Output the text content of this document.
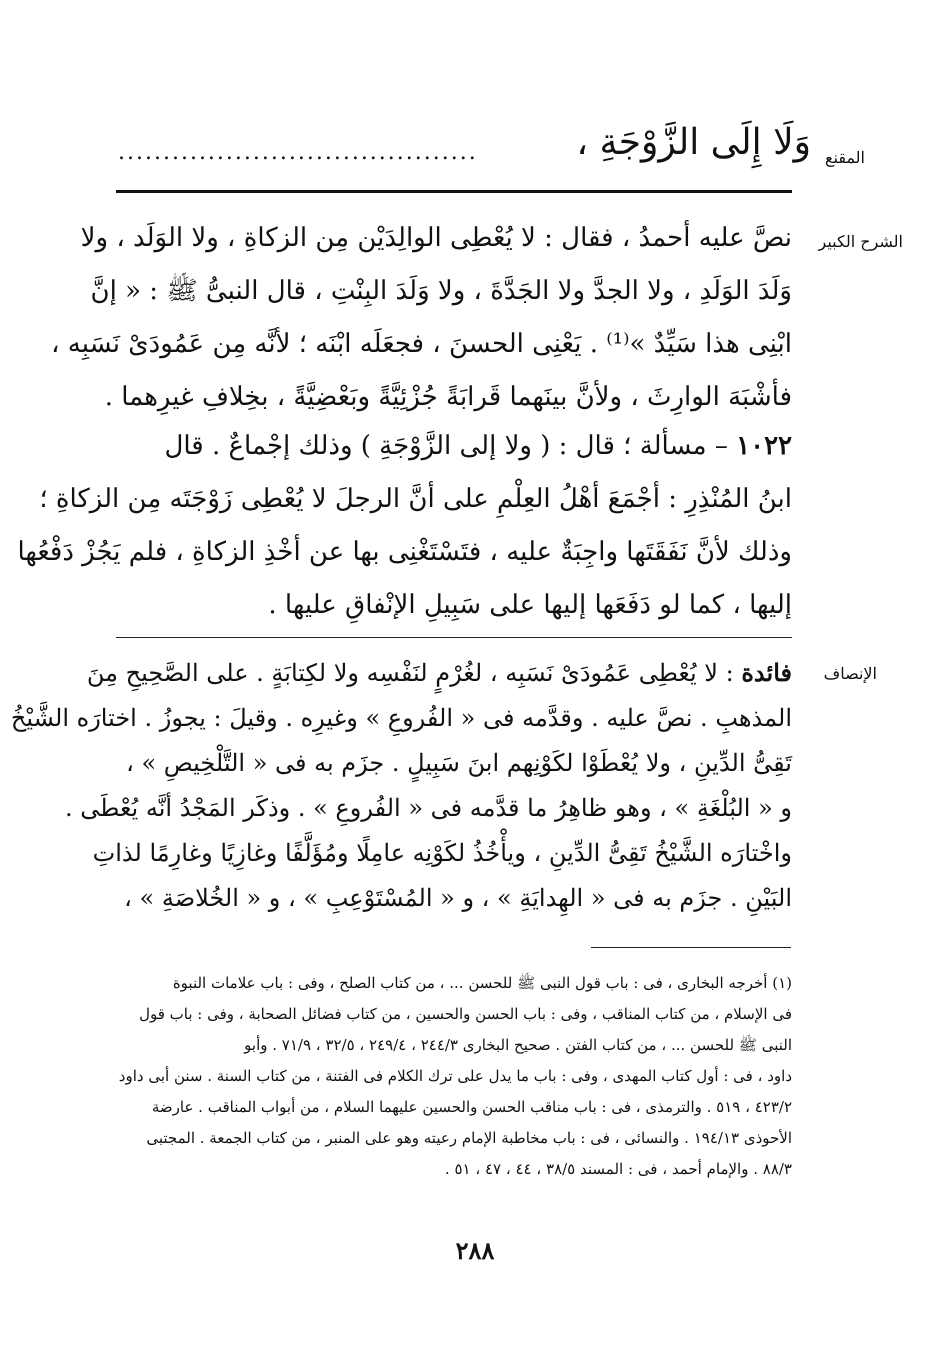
المقنع
الشرح الكبير
الإنصاف
وَلَا إِلَى الزَّوْجَةِ ،
........................................
نصَّ عليه أحمدُ ، فقال : لا يُعْطِى الوالِدَيْن مِن الزكاةِ ، ولا الوَلَد ، ولا
وَلَدَ الوَلَدِ ، ولا الجدَّ ولا الجَدَّةَ ، ولا وَلَدَ البِنْتِ ، قال النبىُّ ﷺ : « إنَّ
ابْنِى هذا سَيِّدٌ »⁽¹⁾ . يَعْنِى الحسنَ ، فجعَلَه ابْنَه ؛ لأنَّه مِن عَمُودَىْ نَسَبِه ،
فأشْبَهَ الوارِثَ ، ولأنَّ بينَهما قَرابَةً جُزْئِيَّةً وبَعْضِيَّةً ، بخِلافِ غيرِهما .
١٠٢٢ – مسألة ؛ قال : ( ولا إلى الزَّوْجَةِ ) وذلك إجْماعٌ . قال
ابنُ المُنْذِرِ : أجْمَعَ أهْلُ العِلْمِ على أنَّ الرجلَ لا يُعْطِى زَوْجَتَه مِن الزكاةِ ؛
وذلك لأنَّ نَفَقَتَها واجِبَةٌ عليه ، فتَسْتَغْنِى بها عن أخْذِ الزكاةِ ، فلم يَجُزْ دَفْعُها
إليها ، كما لو دَفَعَها إليها على سَبِيلِ الإنْفاقِ عليها .
فائدة : لا يُعْطِى عَمُودَىْ نَسَبِه ، لغُرْمٍ لنَفْسِه ولا لكِتابَةٍ . على الصَّحِيحِ مِنَ
المذهبِ . نصَّ عليه . وقدَّمه فى « الفُروعِ » وغيرِه . وقيلَ : يجوزُ . اختارَه الشَّيْخُ
تَقِىُّ الدِّينِ ، ولا يُعْطَوْا لكَوْنِهم ابنَ سَبِيلٍ . جزَم به فى « التَّلْخِيصِ » ،
و « البُلْغَةِ » ، وهو ظاهِرُ ما قدَّمه فى « الفُروعِ » . وذكَر المَجْدُ أنَّه يُعْطَى .
واخْتارَه الشَّيْخُ تَقِىُّ الدِّينِ ، ويأْخُذُ لكَوْنِه عامِلًا ومُؤَلَّفًا وغازِيًا وغارِمًا لذاتِ
البَيْنِ . جزَم به فى « الهِدايَةِ » ، و « المُسْتَوْعِبِ » ، و « الخُلاصَةِ » ،
(١) أخرجه البخارى ، فى : باب قول النبى ﷺ للحسن ... ، من كتاب الصلح ، وفى : باب علامات النبوة
فى الإسلام ، من كتاب المناقب ، وفى : باب الحسن والحسين ، من كتاب فضائل الصحابة ، وفى : باب قول
النبى ﷺ للحسن ... ، من كتاب الفتن . صحيح البخارى ٢٤٤/٣ ، ٢٤٩/٤ ، ٣٢/٥ ، ٧١/٩ . وأبو
داود ، فى : أول كتاب المهدى ، وفى : باب ما يدل على ترك الكلام فى الفتنة ، من كتاب السنة . سنن أبى داود
٤٢٣/٢ ، ٥١٩ . والترمذى ، فى : باب مناقب الحسن والحسين عليهما السلام ، من أبواب المناقب . عارضة
الأحوذى ١٩٤/١٣ . والنسائى ، فى : باب مخاطبة الإمام رعيته وهو على المنبر ، من كتاب الجمعة . المجتبى
٨٨/٣ . والإمام أحمد ، فى : المسند ٣٨/٥ ، ٤٤ ، ٤٧ ، ٥١ .
٢٨٨
